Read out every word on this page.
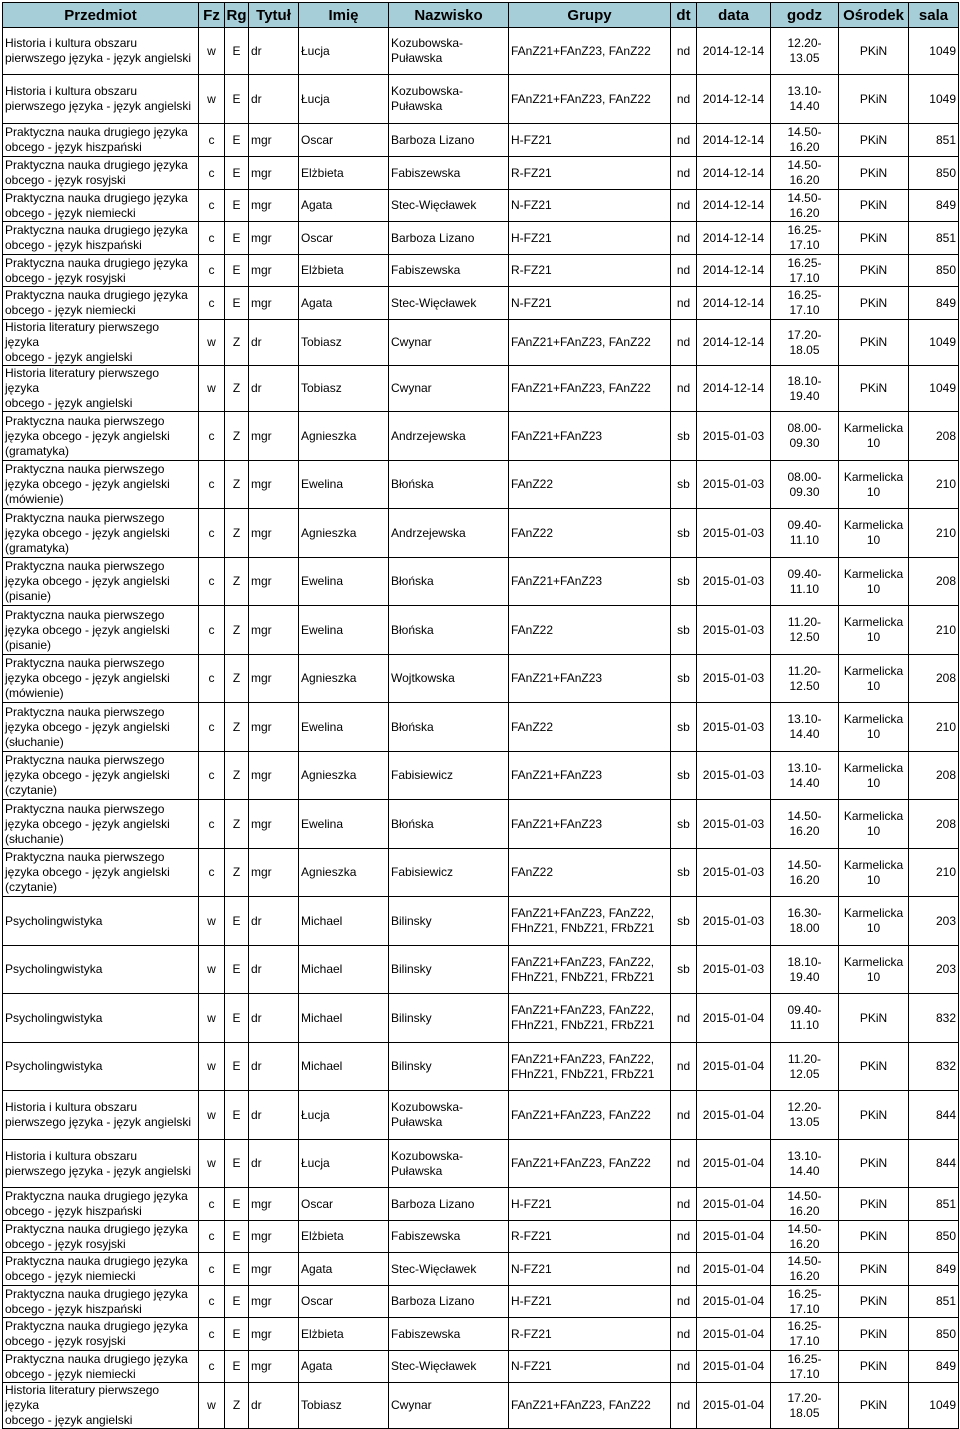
Przedmiot	Fz	Rg	Tytuł	Imię	Nazwisko	Grupy	dt	data	godz	Ośrodek	sala
Historia i kultura obszaru
pierwszego języka - język angielski	w	E	dr	Łucja	Kozubowska-
Puławska	FAnZ21+FAnZ23, FAnZ22	nd	2014-12-14	12.20-13.05	PKiN	1049
Historia i kultura obszaru
pierwszego języka - język angielski	w	E	dr	Łucja	Kozubowska-
Puławska	FAnZ21+FAnZ23, FAnZ22	nd	2014-12-14	13.10-14.40	PKiN	1049
Praktyczna nauka drugiego języka
obcego - język hiszpański	c	E	mgr	Oscar	Barboza Lizano	H-FZ21	nd	2014-12-14	14.50-16.20	PKiN	851
Praktyczna nauka drugiego języka
obcego - język rosyjski	c	E	mgr	Elżbieta	Fabiszewska	R-FZ21	nd	2014-12-14	14.50-16.20	PKiN	850
Praktyczna nauka drugiego języka
obcego - język niemiecki	c	E	mgr	Agata	Stec-Więcławek	N-FZ21	nd	2014-12-14	14.50-16.20	PKiN	849
Praktyczna nauka drugiego języka
obcego - język hiszpański	c	E	mgr	Oscar	Barboza Lizano	H-FZ21	nd	2014-12-14	16.25-17.10	PKiN	851
Praktyczna nauka drugiego języka
obcego - język rosyjski	c	E	mgr	Elżbieta	Fabiszewska	R-FZ21	nd	2014-12-14	16.25-17.10	PKiN	850
Praktyczna nauka drugiego języka
obcego - język niemiecki	c	E	mgr	Agata	Stec-Więcławek	N-FZ21	nd	2014-12-14	16.25-17.10	PKiN	849
Historia literatury pierwszego języka
obcego - język angielski	w	Z	dr	Tobiasz	Cwynar	FAnZ21+FAnZ23, FAnZ22	nd	2014-12-14	17.20-18.05	PKiN	1049
Historia literatury pierwszego języka
obcego - język angielski	w	Z	dr	Tobiasz	Cwynar	FAnZ21+FAnZ23, FAnZ22	nd	2014-12-14	18.10-19.40	PKiN	1049
Praktyczna nauka pierwszego
języka obcego - język angielski
(gramatyka)	c	Z	mgr	Agnieszka	Andrzejewska	FAnZ21+FAnZ23	sb	2015-01-03	08.00-09.30	Karmelicka
10	208
Praktyczna nauka pierwszego
języka obcego - język angielski
(mówienie)	c	Z	mgr	Ewelina	Błońska	FAnZ22	sb	2015-01-03	08.00-09.30	Karmelicka
10	210
Praktyczna nauka pierwszego
języka obcego - język angielski
(gramatyka)	c	Z	mgr	Agnieszka	Andrzejewska	FAnZ22	sb	2015-01-03	09.40-11.10	Karmelicka
10	210
Praktyczna nauka pierwszego
języka obcego - język angielski
(pisanie)	c	Z	mgr	Ewelina	Błońska	FAnZ21+FAnZ23	sb	2015-01-03	09.40-11.10	Karmelicka
10	208
Praktyczna nauka pierwszego
języka obcego - język angielski
(pisanie)	c	Z	mgr	Ewelina	Błońska	FAnZ22	sb	2015-01-03	11.20-12.50	Karmelicka
10	210
Praktyczna nauka pierwszego
języka obcego - język angielski
(mówienie)	c	Z	mgr	Agnieszka	Wojtkowska	FAnZ21+FAnZ23	sb	2015-01-03	11.20-12.50	Karmelicka
10	208
Praktyczna nauka pierwszego
języka obcego - język angielski
(słuchanie)	c	Z	mgr	Ewelina	Błońska	FAnZ22	sb	2015-01-03	13.10-14.40	Karmelicka
10	210
Praktyczna nauka pierwszego
języka obcego - język angielski
(czytanie)	c	Z	mgr	Agnieszka	Fabisiewicz	FAnZ21+FAnZ23	sb	2015-01-03	13.10-14.40	Karmelicka
10	208
Praktyczna nauka pierwszego
języka obcego - język angielski
(słuchanie)	c	Z	mgr	Ewelina	Błońska	FAnZ21+FAnZ23	sb	2015-01-03	14.50-16.20	Karmelicka
10	208
Praktyczna nauka pierwszego
języka obcego - język angielski
(czytanie)	c	Z	mgr	Agnieszka	Fabisiewicz	FAnZ22	sb	2015-01-03	14.50-16.20	Karmelicka
10	210
Psycholingwistyka	w	E	dr	Michael	Bilinsky	FAnZ21+FAnZ23, FAnZ22,
FHnZ21, FNbZ21, FRbZ21	sb	2015-01-03	16.30-18.00	Karmelicka
10	203
Psycholingwistyka	w	E	dr	Michael	Bilinsky	FAnZ21+FAnZ23, FAnZ22,
FHnZ21, FNbZ21, FRbZ21	sb	2015-01-03	18.10-19.40	Karmelicka
10	203
Psycholingwistyka	w	E	dr	Michael	Bilinsky	FAnZ21+FAnZ23, FAnZ22,
FHnZ21, FNbZ21, FRbZ21	nd	2015-01-04	09.40-11.10	PKiN	832
Psycholingwistyka	w	E	dr	Michael	Bilinsky	FAnZ21+FAnZ23, FAnZ22,
FHnZ21, FNbZ21, FRbZ21	nd	2015-01-04	11.20-12.05	PKiN	832
Historia i kultura obszaru
pierwszego języka - język angielski	w	E	dr	Łucja	Kozubowska-
Puławska	FAnZ21+FAnZ23, FAnZ22	nd	2015-01-04	12.20-13.05	PKiN	844
Historia i kultura obszaru
pierwszego języka - język angielski	w	E	dr	Łucja	Kozubowska-
Puławska	FAnZ21+FAnZ23, FAnZ22	nd	2015-01-04	13.10-14.40	PKiN	844
Praktyczna nauka drugiego języka
obcego - język hiszpański	c	E	mgr	Oscar	Barboza Lizano	H-FZ21	nd	2015-01-04	14.50-16.20	PKiN	851
Praktyczna nauka drugiego języka
obcego - język rosyjski	c	E	mgr	Elżbieta	Fabiszewska	R-FZ21	nd	2015-01-04	14.50-16.20	PKiN	850
Praktyczna nauka drugiego języka
obcego - język niemiecki	c	E	mgr	Agata	Stec-Więcławek	N-FZ21	nd	2015-01-04	14.50-16.20	PKiN	849
Praktyczna nauka drugiego języka
obcego - język hiszpański	c	E	mgr	Oscar	Barboza Lizano	H-FZ21	nd	2015-01-04	16.25-17.10	PKiN	851
Praktyczna nauka drugiego języka
obcego - język rosyjski	c	E	mgr	Elżbieta	Fabiszewska	R-FZ21	nd	2015-01-04	16.25-17.10	PKiN	850
Praktyczna nauka drugiego języka
obcego - język niemiecki	c	E	mgr	Agata	Stec-Więcławek	N-FZ21	nd	2015-01-04	16.25-17.10	PKiN	849
Historia literatury pierwszego języka
obcego - język angielski	w	Z	dr	Tobiasz	Cwynar	FAnZ21+FAnZ23, FAnZ22	nd	2015-01-04	17.20-18.05	PKiN	1049
